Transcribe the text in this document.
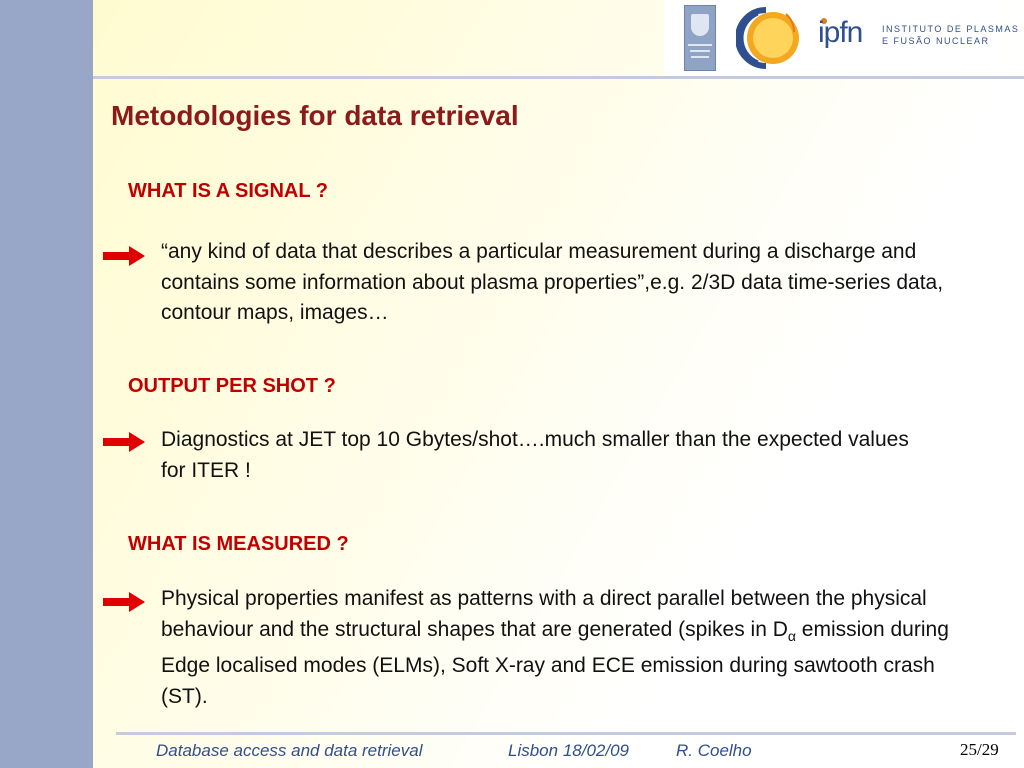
ipfn INSTITUTO DE PLASMAS
E FUSÃO NUCLEAR
Metodologies for data retrieval
WHAT IS A SIGNAL ?
“any kind of data that describes a particular measurement during a discharge and contains some information about plasma properties”,e.g. 2/3D data time-series data, contour maps, images…
OUTPUT PER SHOT ?
Diagnostics at JET top 10 Gbytes/shot….much smaller than the expected values for ITER !
WHAT IS MEASURED ?
Physical properties manifest as patterns with a direct parallel between the physical behaviour and the structural shapes that are generated (spikes in $D_\alpha$ emission during Edge localised modes (ELMs), Soft X-ray and ECE emission during sawtooth crash (ST).
Database access and data retrieval	Lisbon 18/02/09	R. Coelho	25/29
